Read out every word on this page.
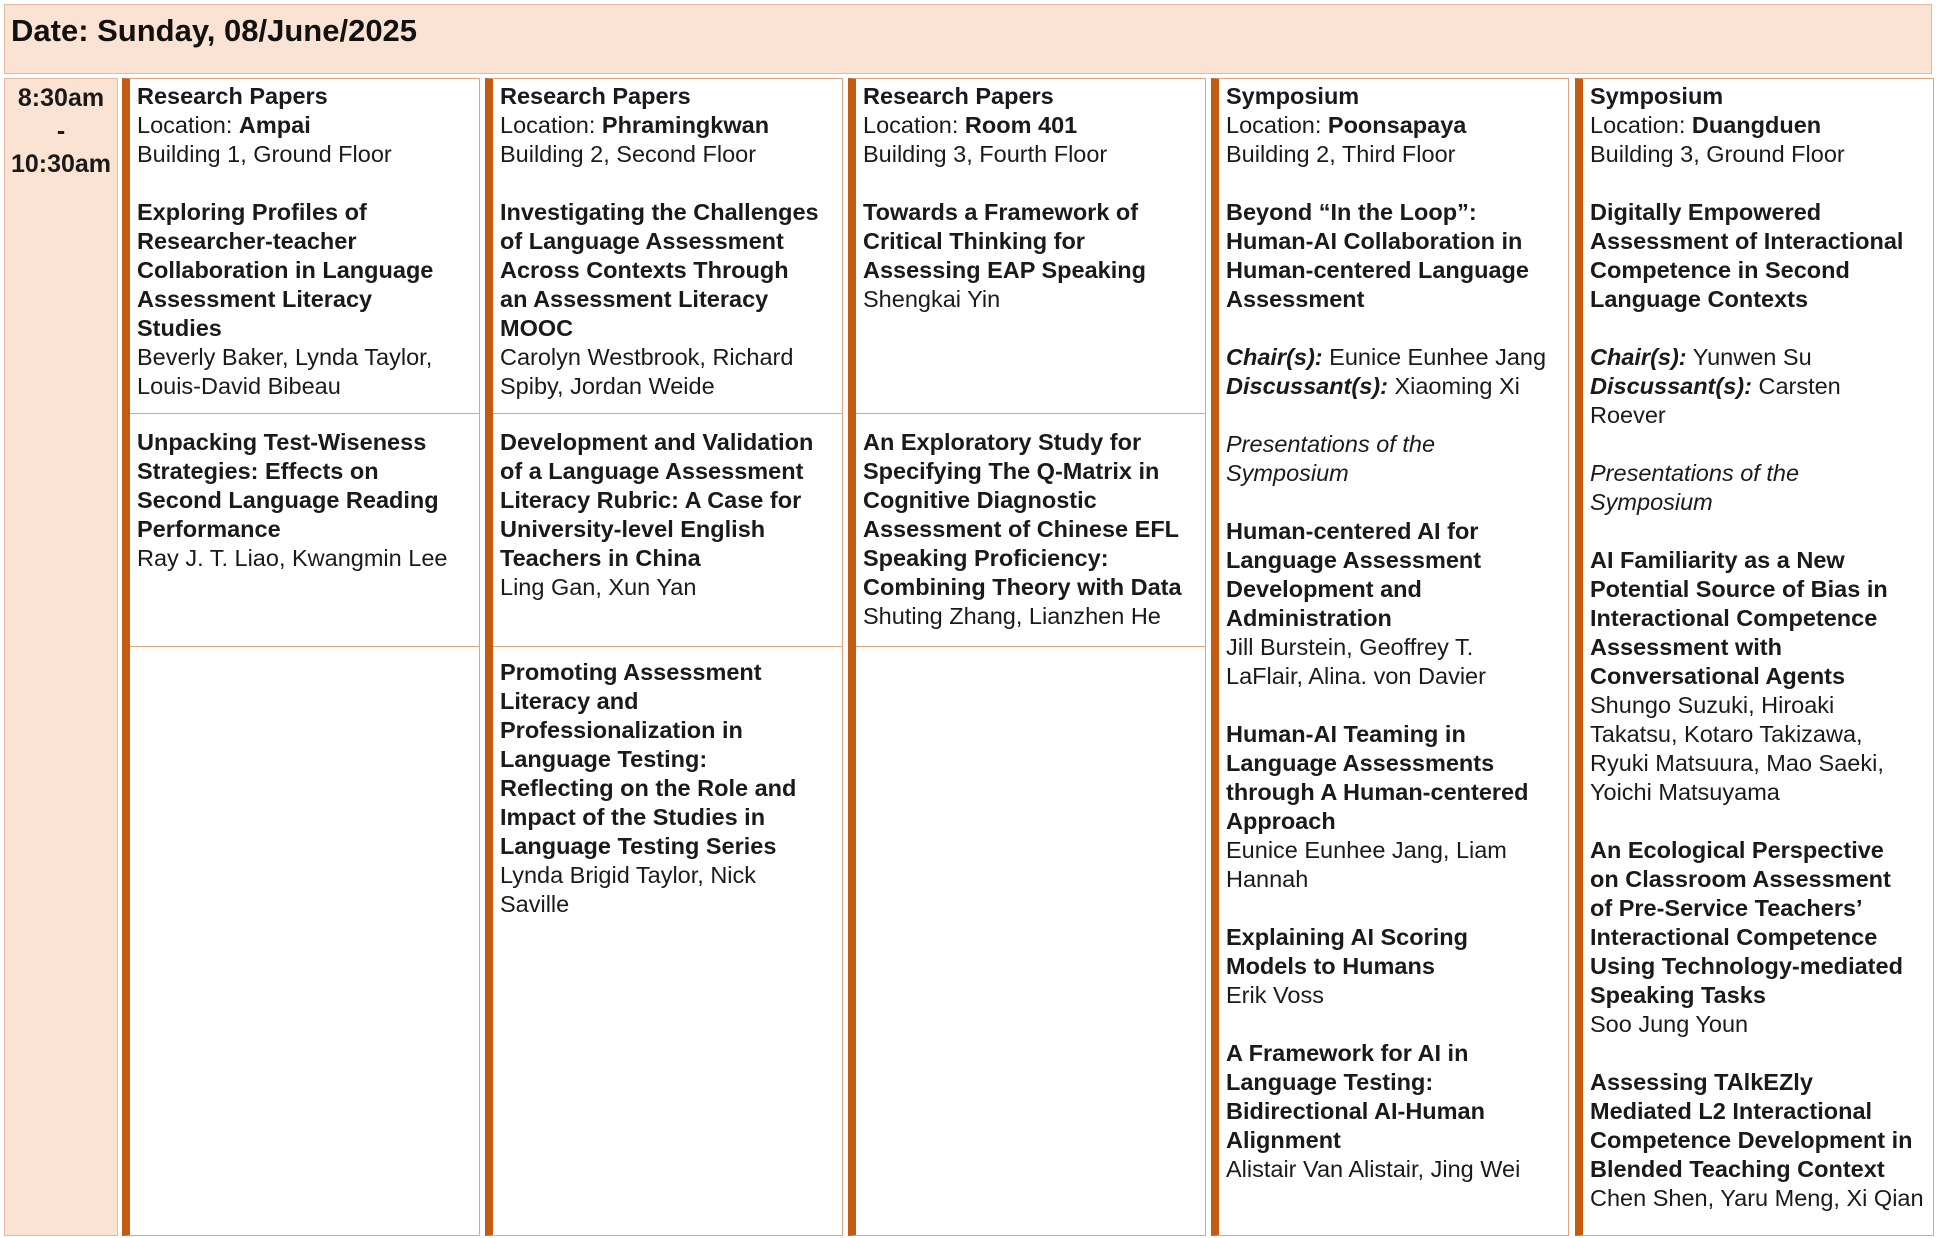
Date: Sunday, 08/June/2025
8:30am
-
10:30am
Research Papers
Location: Ampai
Building 1, Ground Floor
Exploring Profiles of
Researcher-teacher
Collaboration in Language
Assessment Literacy
Studies
Beverly Baker, Lynda Taylor,
Louis-David Bibeau
Unpacking Test-Wiseness
Strategies: Effects on
Second Language Reading
Performance
Ray J. T. Liao, Kwangmin Lee
Research Papers
Location: Phramingkwan
Building 2, Second Floor
Investigating the Challenges
of Language Assessment
Across Contexts Through
an Assessment Literacy
MOOC
Carolyn Westbrook, Richard
Spiby, Jordan Weide
Development and Validation
of a Language Assessment
Literacy Rubric: A Case for
University-level English
Teachers in China
Ling Gan, Xun Yan
Promoting Assessment
Literacy and
Professionalization in
Language Testing:
Reflecting on the Role and
Impact of the Studies in
Language Testing Series
Lynda Brigid Taylor, Nick
Saville
Research Papers
Location: Room 401
Building 3, Fourth Floor
Towards a Framework of
Critical Thinking for
Assessing EAP Speaking
Shengkai Yin
An Exploratory Study for
Specifying The Q-Matrix in
Cognitive Diagnostic
Assessment of Chinese EFL
Speaking Proficiency:
Combining Theory with Data
Shuting Zhang, Lianzhen He
Symposium
Location: Poonsapaya
Building 2, Third Floor
Beyond “In the Loop”:
Human-AI Collaboration in
Human-centered Language
Assessment
Chair(s): Eunice Eunhee Jang
Discussant(s): Xiaoming Xi
Presentations of the
Symposium
Human-centered AI for
Language Assessment
Development and
Administration
Jill Burstein, Geoffrey T.
LaFlair, Alina. von Davier
Human-AI Teaming in
Language Assessments
through A Human-centered
Approach
Eunice Eunhee Jang, Liam
Hannah
Explaining AI Scoring
Models to Humans
Erik Voss
A Framework for AI in
Language Testing:
Bidirectional AI-Human
Alignment
Alistair Van Alistair, Jing Wei
Symposium
Location: Duangduen
Building 3, Ground Floor
Digitally Empowered
Assessment of Interactional
Competence in Second
Language Contexts
Chair(s): Yunwen Su
Discussant(s): Carsten
Roever
Presentations of the
Symposium
AI Familiarity as a New
Potential Source of Bias in
Interactional Competence
Assessment with
Conversational Agents
Shungo Suzuki, Hiroaki
Takatsu, Kotaro Takizawa,
Ryuki Matsuura, Mao Saeki,
Yoichi Matsuyama
An Ecological Perspective
on Classroom Assessment
of Pre-Service Teachers’
Interactional Competence
Using Technology-mediated
Speaking Tasks
Soo Jung Youn
Assessing TAlkEZly
Mediated L2 Interactional
Competence Development in
Blended Teaching Context
Chen Shen, Yaru Meng, Xi Qian
